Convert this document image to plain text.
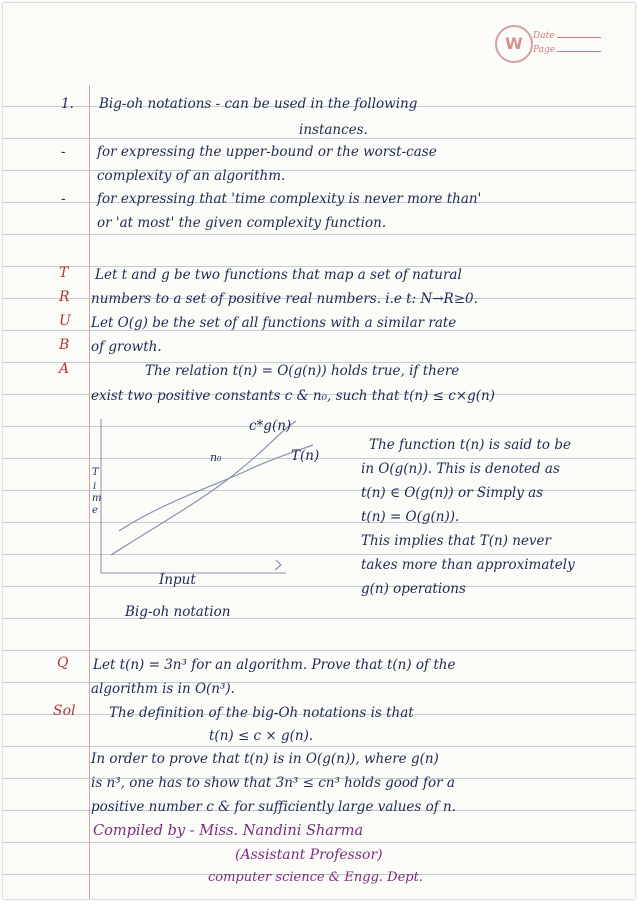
W	Date
Page
1. Big-oh notations - can be used in the following
instances.
- for expressing the upper-bound or the worst-case
complexity of an algorithm.
- for expressing that 'time complexity is never more than'
or 'at most' the given complexity function.
T
R
U
B
A
Let t and g be two functions that map a set of natural
numbers to a set of positive real numbers. i.e t: N→R≥0.
Let O(g) be the set of all functions with a similar rate
of growth.
The relation t(n) = O(g(n)) holds true, if there
exist two positive constants c & n₀, such that t(n) ≤ c×g(n)
c*g(n)
n₀	T(n)
T
i
m
e
Input
Big-oh notation
The function t(n) is said to be
in O(g(n)). This is denoted as
t(n) ∈ O(g(n)) or Simply as
t(n) = O(g(n)).
This implies that T(n) never
takes more than approximately
g(n) operations
Q Let t(n) = 3n³ for an algorithm. Prove that t(n) of the
algorithm is in O(n³).
Sol The definition of the big-Oh notations is that
t(n) ≤ c × g(n).
In order to prove that t(n) is in O(g(n)), where g(n)
is n³, one has to show that 3n³ ≤ cn³ holds good for a
positive number c & for sufficiently large values of n.
Compiled by - Miss. Nandini Sharma
(Assistant Professor)
computer science & Engg. Dept.
